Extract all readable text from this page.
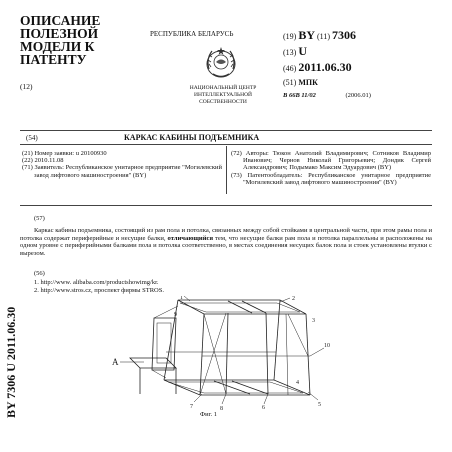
ОПИСАНИЕ
ПОЛЕЗНОЙ
МОДЕЛИ К
ПАТЕНТУ
(12)
РЕСПУБЛИКА БЕЛАРУСЬ
НАЦИОНАЛЬНЫЙ ЦЕНТР
ИНТЕЛЛЕКТУАЛЬНОЙ
СОБСТВЕННОСТИ
(19) BY (11) 7306
(13) U
(46) 2011.06.30
(51) МПК
B 66B 11/02	(2006.01)
(54)	КАРКАС КАБИНЫ ПОДЪЕМНИКА
(21) Номер заявки: u 20100930
(22) 2010.11.08
(71) Заявитель: Республиканское унитарное предприятие "Могилевский завод лифтового машиностроения" (BY)
(72) Авторы: Тюкон Анатолий Владимирович; Сотников Владимир Иванович; Чернов Николай Григорьевич; Дондик Сергей Александрович; Подымако Максим Эдуардович (BY)
(73) Патентообладатель: Республиканское унитарное предприятие "Могилевский завод лифтового машиностроения" (BY)
(57)
Каркас кабины подъемника, состоящий из рам пола и потолка, связанных между собой стойками в центральной части, при этом рамы пола и потолка содержат периферийные и несущие балки, отличающийся тем, что несущие балки рам пола и потолка параллельны и расположены на одном уровне с периферийными балками пола и потолка соответственно, в местах соединения несущих балок пола и стоек установлены втулки с вырезом.
(56)
1. http://www. alibaba.com/productshowimg/kr.
2. http://www.stros.cz, проспект фирмы STROS.
BY 7306 U 2011.06.30	A
1	2
3
4
5
6
7	8
9
10
Фиг. 1
